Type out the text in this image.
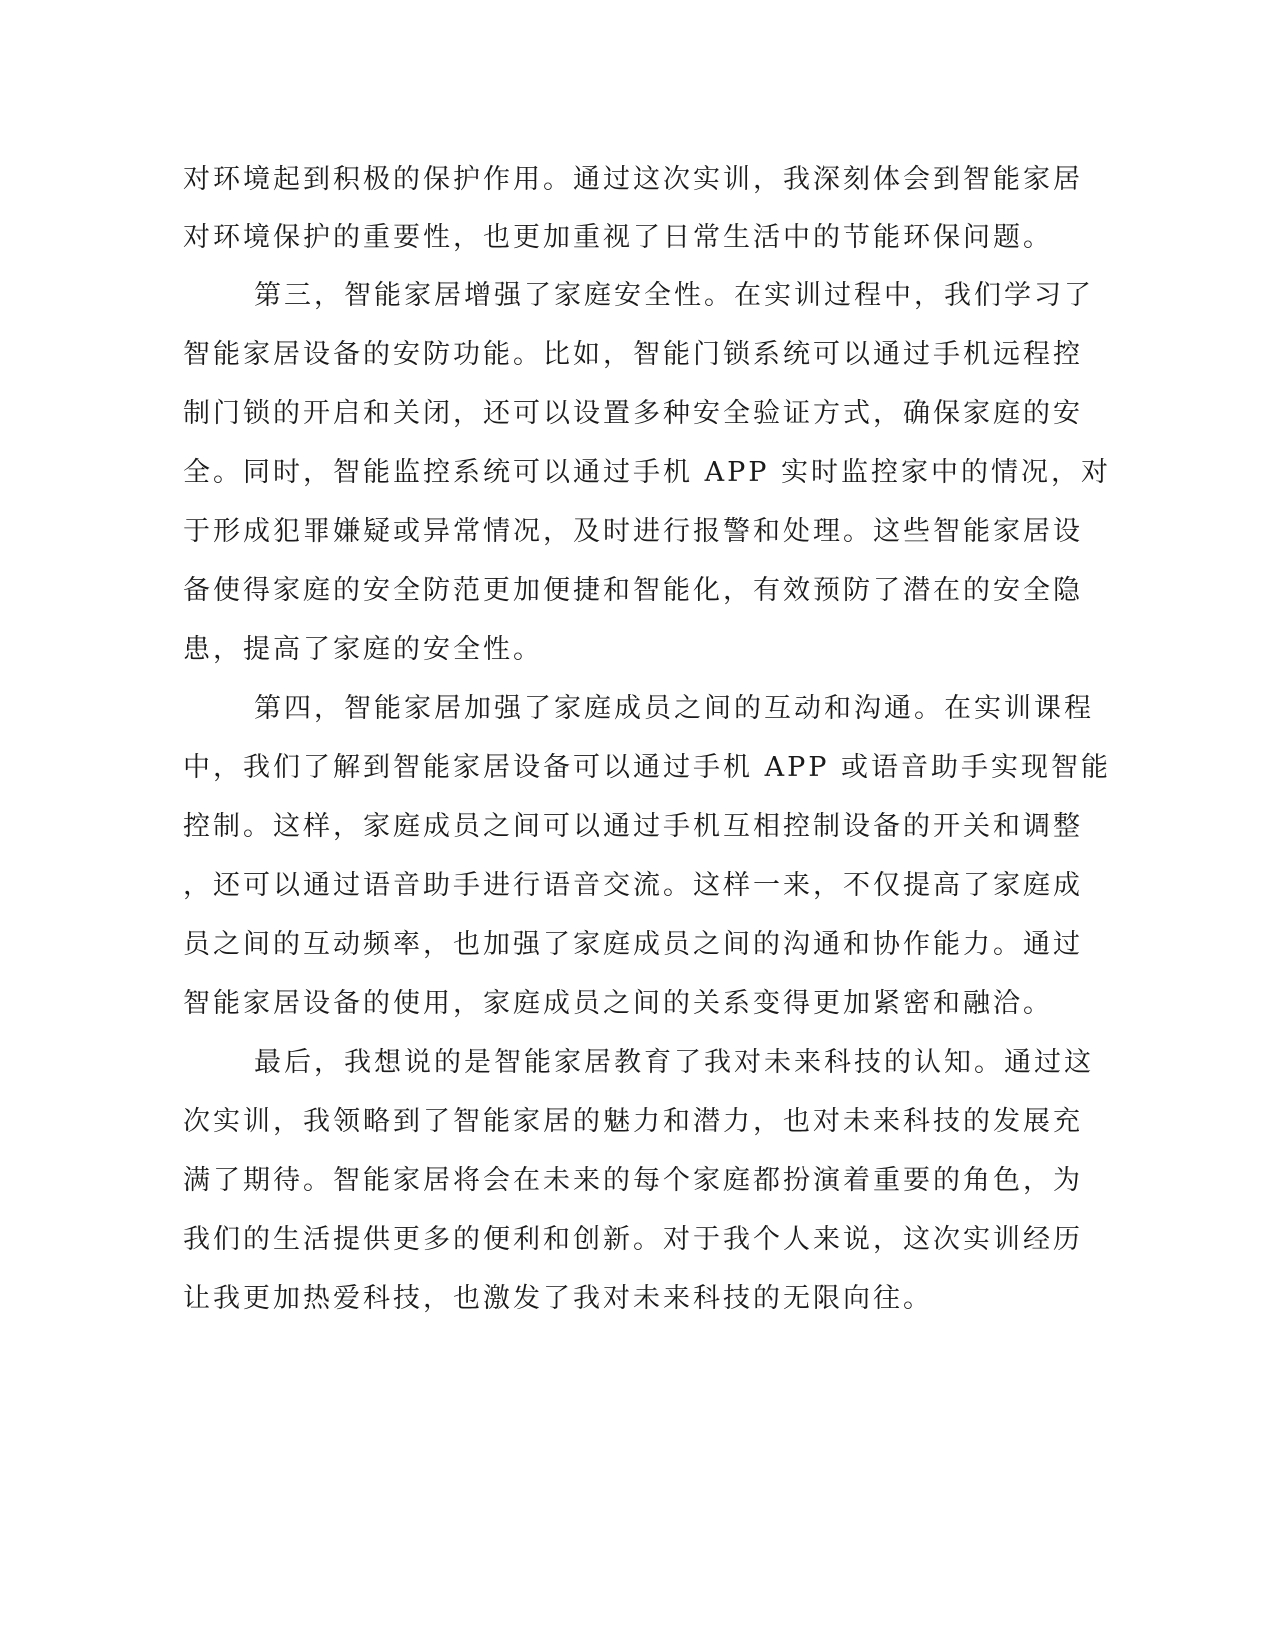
对环境起到积极的保护作用。通过这次实训，我深刻体会到智能家居
对环境保护的重要性，也更加重视了日常生活中的节能环保问题。
第三，智能家居增强了家庭安全性。在实训过程中，我们学习了
智能家居设备的安防功能。比如，智能门锁系统可以通过手机远程控
制门锁的开启和关闭，还可以设置多种安全验证方式，确保家庭的安
全。同时，智能监控系统可以通过手机 APP 实时监控家中的情况，对
于形成犯罪嫌疑或异常情况，及时进行报警和处理。这些智能家居设
备使得家庭的安全防范更加便捷和智能化，有效预防了潜在的安全隐
患，提高了家庭的安全性。
第四，智能家居加强了家庭成员之间的互动和沟通。在实训课程
中，我们了解到智能家居设备可以通过手机 APP 或语音助手实现智能
控制。这样，家庭成员之间可以通过手机互相控制设备的开关和调整
，还可以通过语音助手进行语音交流。这样一来，不仅提高了家庭成
员之间的互动频率，也加强了家庭成员之间的沟通和协作能力。通过
智能家居设备的使用，家庭成员之间的关系变得更加紧密和融洽。
最后，我想说的是智能家居教育了我对未来科技的认知。通过这
次实训，我领略到了智能家居的魅力和潜力，也对未来科技的发展充
满了期待。智能家居将会在未来的每个家庭都扮演着重要的角色，为
我们的生活提供更多的便利和创新。对于我个人来说，这次实训经历
让我更加热爱科技，也激发了我对未来科技的无限向往。
